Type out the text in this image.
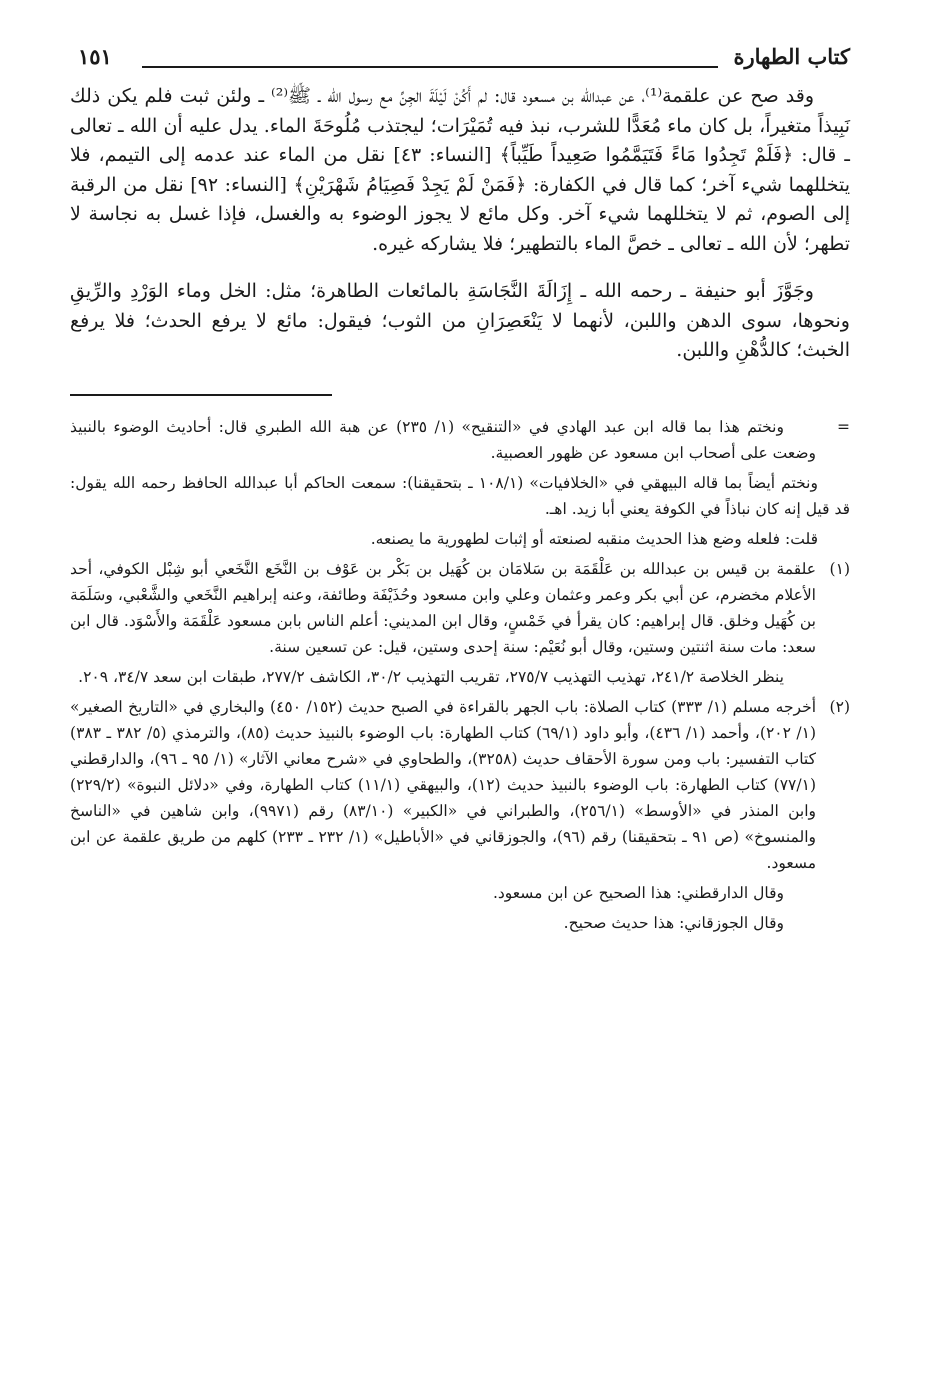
كتاب الطهارة
١٥١

وقد صح عن علقمة⁽¹⁾، عن عبدالله بن مسعود قال: لم أَكُنْ لَيْلَةَ الجِنِّ مع رسول الله ـ ﷺ⁽²⁾ ـ ولئن ثبت فلم يكن ذلك نَبِيذاً متغيراً، بل كان ماء مُعَدًّا للشرب، نبذ فيه تُمَيْرَات؛ ليجتذب مُلُوحَةَ الماء. يدل عليه أن الله ـ تعالى ـ قال: ﴿فَلَمْ تَجِدُوا مَاءً فَتَيَمَّمُوا صَعِيداً طَيِّباً﴾ [النساء: ٤٣] نقل من الماء عند عدمه إلى التيمم، فلا يتخللهما شيء آخر؛ كما قال في الكفارة: ﴿فَمَنْ لَمْ يَجِدْ فَصِيَامُ شَهْرَيْنِ﴾ [النساء: ٩٢] نقل من الرقبة إلى الصوم، ثم لا يتخللهما شيء آخر. وكل مائع لا يجوز الوضوء به والغسل، فإذا غسل به نجاسة لا تطهر؛ لأن الله ـ تعالى ـ خصَّ الماء بالتطهير؛ فلا يشاركه غيره.

وجَوَّزَ أبو حنيفة ـ رحمه الله ـ إِزَالَةَ النَّجَاسَةِ بالمائعات الطاهرة؛ مثل: الخل وماء الوَرْدِ والرِّيقِ ونحوها، سوى الدهن واللبن، لأنهما لا يَنْعَصِرَانِ من الثوب؛ فيقول: مائع لا يرفع الحدث؛ فلا يرفع الخبث؛ كالدُّهْنِ واللبن.

=
ونختم هذا بما قاله ابن عبد الهادي في «التنقيح» (١/ ٢٣٥) عن هبة الله الطبري قال: أحاديث الوضوء بالنبيذ وضعت على أصحاب ابن مسعود عن ظهور العصبية.
ونختم أيضاً بما قاله البيهقي في «الخلافيات» (١٠٨/١ ـ بتحقيقنا): سمعت الحاكم أبا عبدالله الحافظ رحمه الله يقول: قد قيل إنه كان نباذاً في الكوفة يعني أبا زيد. اهـ.
قلت: فلعله وضع هذا الحديث منقبه لصنعته أو إثبات لطهورية ما يصنعه.
(١)
علقمة بن قيس بن عبدالله بن عَلْقَمَة بن سَلامَان بن كُهَيل بن بَكْر بن عَوْف بن النَّخَع النَّخَعي أبو شِبْل الكوفي، أحد الأعلام مخضرم، عن أبي بكر وعمر وعثمان وعلي وابن مسعود وحُذَيْفَة وطائفة، وعنه إبراهيم النَّخَعي والشَّعْبي، وسَلَمَة بن كُهَيل وخلق. قال إبراهيم: كان يقرأ في خَمْسٍ، وقال ابن المديني: أعلم الناس بابن مسعود عَلْقَمَة والأَسْوَد. قال ابن سعد: مات سنة اثنتين وستين، وقال أبو نُعَيْم: سنة إحدى وستين، قيل: عن تسعين سنة.
ينظر الخلاصة ٢٤١/٢، تهذيب التهذيب ٢٧٥/٧، تقريب التهذيب ٣٠/٢، الكاشف ٢٧٧/٢، طبقات ابن سعد ٣٤/٧، ٢٠٩.
(٢)
أخرجه مسلم (١/ ٣٣٣) كتاب الصلاة: باب الجهر بالقراءة في الصبح حديث (١٥٢/ ٤٥٠) والبخاري في «التاريخ الصغير» (١/ ٢٠٢)، وأحمد (١/ ٤٣٦)، وأبو داود (٦٩/١) كتاب الطهارة: باب الوضوء بالنبيذ حديث (٨٥)، والترمذي (٥/ ٣٨٢ ـ ٣٨٣) كتاب التفسير: باب ومن سورة الأحقاف حديث (٣٢٥٨)، والطحاوي في «شرح معاني الآثار» (١/ ٩٥ ـ ٩٦)، والدارقطني (٧٧/١) كتاب الطهارة: باب الوضوء بالنبيذ حديث (١٢)، والبيهقي (١١/١) كتاب الطهارة، وفي «دلائل النبوة» (٢٢٩/٢) وابن المنذر في «الأوسط» (٢٥٦/١)، والطبراني في «الكبير» (٨٣/١٠) رقم (٩٩٧١)، وابن شاهين في «الناسخ والمنسوخ» (ص ٩١ ـ بتحقيقنا) رقم (٩٦)، والجوزقاني في «الأباطيل» (١/ ٢٣٢ ـ ٢٣٣) كلهم من طريق علقمة عن ابن مسعود.
وقال الدارقطني: هذا الصحيح عن ابن مسعود.
وقال الجوزقاني: هذا حديث صحيح.
